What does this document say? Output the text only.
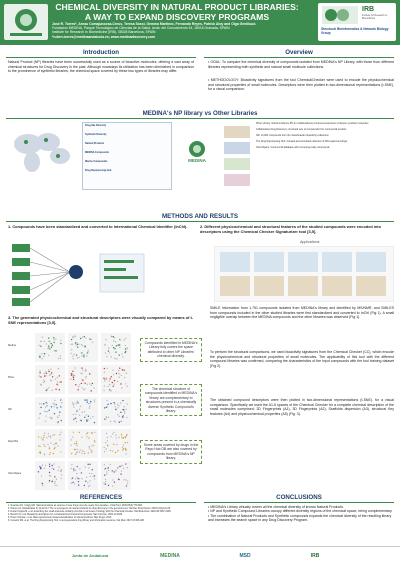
CHEMICAL DIVERSITY IN NATURAL PRODUCT LIBRARIES:
A WAY TO EXPAND DISCOVERY PROGRAMS
José R. Torres*, Arnau Comajuncosa-Creus, Teresa Sossi, Gemma Martínez, Fernando Reyes, Patrick Aloy and Olga Genilloud.
Fundación MEDINA, Parque Tecnológico de Ciencias de la Salud, Avda. del Conocimiento 34, 18016 Granada, SPAIN
Institute for Research in Biomedicine (IRB), 08028 Barcelona, SPAIN
*ruben.torres@medinaandalucia.es; www.medinadiscovery.com
IRB
Institute for Research in Biomedicine
Structural Bioinformatics & Network Biology Group
Introduction
Natural Product (NP) libraries have been successfully used as a source of bioactive molecules, offering a vast array of chemical structures for Drug Discovery in the past. Although nowadays its utilization has been diminished in comparison to the prominence of synthetic libraries, the chemical space covered by these two types of libraries may differ.
Overview
• GOAL: To compare the chemical diversity of compounds isolated from MEDINA's NP Library, with those from different libraries representing both synthetic and natural small molecule collections.
• METHODOLOGY: Bioactivity signatures from the tool ChemicalChecker were used to encode the physicochemical and structural properties of small molecules. Descriptors were then plotted in two-dimensional representations (t-SNE), for a visual comparison.
MEDINA's NP library vs Other Libraries
Drug-like Diversity
Synthetic Diversity
Natural Products
MEDINA Compounds
Marine Compounds
Drug Repurposing Hub
MEDINA
Pfizer Library: Global incidence 8% (in collaborations) compound selections of diverse synthetic molecules
Collaborative Drug Discovery: structural sets of compounds from commercial vendors
NR: 13,000 compounds from the Scandinavian bioactivity collections
The Drug Repurposing Hub: Curated and annotated collection of FDA-approved drugs
ChemSpace: Commercial database with screening-ready compounds
METHODS AND RESULTS
1. Compounds have been standardized and converted to International Chemical Identifier (InChI).	2. Different physicochemical and structural features of the studied compounds were encoded into descriptors using the Chemical Checker Signaturizer tool [3,5].
Applications
3. The generated physicochemical and structural descriptors were visually compared by means of t-SNE representations [3,5].
Medina
Pfizer
NR
RepoHub
ChemSpace
Compounds identified in MEDINA's Library fully covers the space attributed to other NP Libraries' chemical diversity.
The chemical structure of compounds identified in MEDINA's library are complementary to structures present in a chemically diverse Synthetic Compound's library.
Some areas covered by drugs in the Repo Hub DB are also covered by compounds from MEDINA's NP library.
SMILE information from 1,751 compounds isolated from MEDINA's library and identified by MS/NMR, and SMILES from compounds included in the other studied libraries were first standardized and converted to InChI (Fig 1). A small negligible overlap between the MEDINA compounds and the other libraries was observed (Fig 1).
To perform the structural comparisons, we used bioactivity signatures from the Chemical Checker (CC), which encode the physicochemical and structural properties of small molecules. The applicability of this tool with the different compound libraries was confirmed, comparing the characteristics of the input compounds with the tool training dataset (Fig 2).
The obtained compound descriptors were then plotted in two-dimensional representations (t-SNE), for a visual comparison. Specifically we used the A1-5 spaces of the Chemical Checker for a complete chemical description of the small molecules comprised: 2D Fingerprints (A1), 3D Fingerprints (A2), Scaffolds dispersion (A3), structural Key features (A4) and physicochemical properties (A5) (Fig. 3).
REFERENCES
1. Newman DJ, Cragg GM. Natural products as sources of new drugs over the nearly four decades. J Nat Prod. 2020;83(3):770-803.
2. Harvey AL, Edrada-Ebel R, Quinn RJ. The re-emergence of natural products for drug discovery in the genomics era. Nat Rev Drug Discov. 2015;14(2):111-29.
3. Duran-Frigola M, et al. Extending the small-molecule similarity principle to all levels of biology with the Chemical Checker. Nat Biotechnol. 2020;38:1087-1096.
4. Bertoni M, et al. Bioactivity descriptors for uncharacterized chemical compounds. Nat Commun. 2021;12:3932.
5. Pérez-Victoria I, et al. Mass spectrometry-based dereplication of natural products. Mar Drugs. 2016.
6. Corsello SM, et al. The Drug Repurposing Hub: a next-generation drug library and information resource. Nat Med. 2017;23:405-408.
CONCLUSIONS
• MEDINA's Library virtually covers all the chemical diversity of known Natural Products.
• NP and Synthetic Compound Libraries occupy different diversity regions of the chemical space, being complementary.
• The combination of Natural Products and Synthetic compounds expands the chemical diversity of the resulting library and increases the search space in any Drug Discovery Program.
Junta de Andalucía	MEDINA	MSD	IRB
